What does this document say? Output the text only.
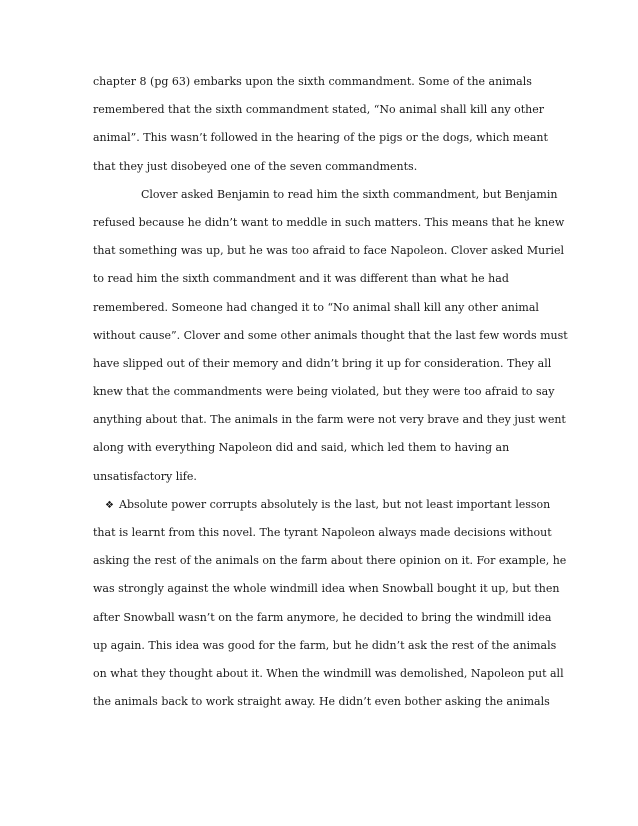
chapter 8 (pg 63) embarks upon the sixth commandment. Some of the animals
remembered that the sixth commandment stated, “No animal shall kill any other
animal”. This wasn’t followed in the hearing of the pigs or the dogs, which meant
that they just disobeyed one of the seven commandments.
Clover asked Benjamin to read him the sixth commandment, but Benjamin
refused because he didn’t want to meddle in such matters. This means that he knew
that something was up, but he was too afraid to face Napoleon. Clover asked Muriel
to read him the sixth commandment and it was different than what he had
remembered. Someone had changed it to “No animal shall kill any other animal
without cause”. Clover and some other animals thought that the last few words must
have slipped out of their memory and didn’t bring it up for consideration. They all
knew that the commandments were being violated, but they were too afraid to say
anything about that. The animals in the farm were not very brave and they just went
along with everything Napoleon did and said, which led them to having an
unsatisfactory life.
❖ Absolute power corrupts absolutely is the last, but not least important lesson
that is learnt from this novel. The tyrant Napoleon always made decisions without
asking the rest of the animals on the farm about there opinion on it. For example, he
was strongly against the whole windmill idea when Snowball bought it up, but then
after Snowball wasn’t on the farm anymore, he decided to bring the windmill idea
up again. This idea was good for the farm, but he didn’t ask the rest of the animals
on what they thought about it. When the windmill was demolished, Napoleon put all
the animals back to work straight away. He didn’t even bother asking the animals
